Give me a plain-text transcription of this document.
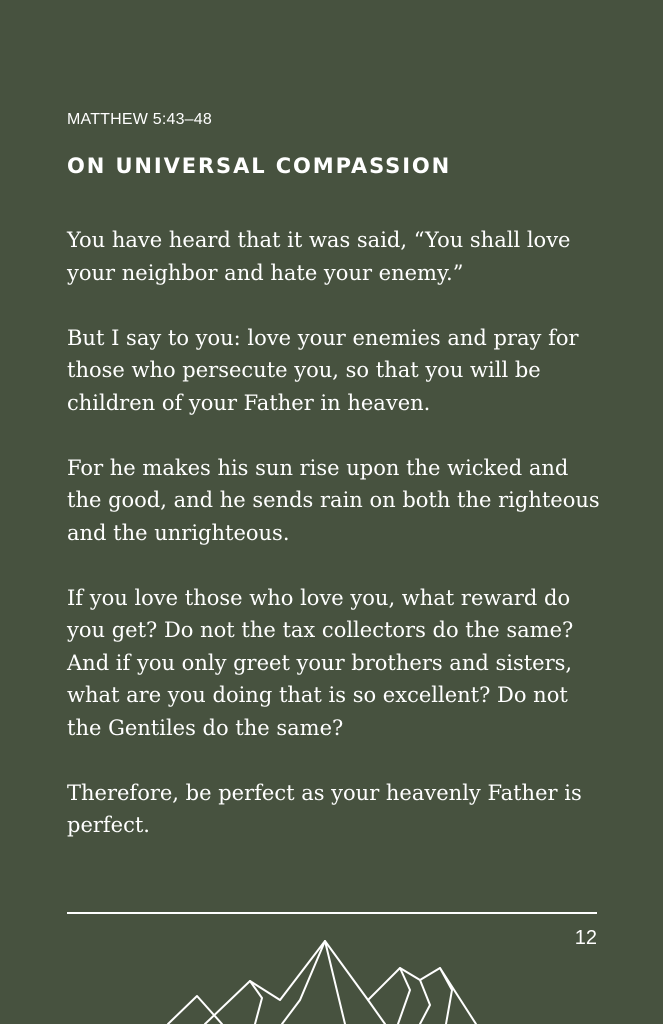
MATTHEW 5:43–48
ON UNIVERSAL COMPASSION

You have heard that it was said, “You shall love your neighbor and hate your enemy.”

But I say to you: love your enemies and pray for those who persecute you, so that you will be children of your Father in heaven.

For he makes his sun rise upon the wicked and the good, and he sends rain on both the righteous and the unrighteous.

If you love those who love you, what reward do you get? Do not the tax collectors do the same? And if you only greet your brothers and sisters, what are you doing that is so excellent? Do not the Gentiles do the same?

Therefore, be perfect as your heavenly Father is perfect.

12
